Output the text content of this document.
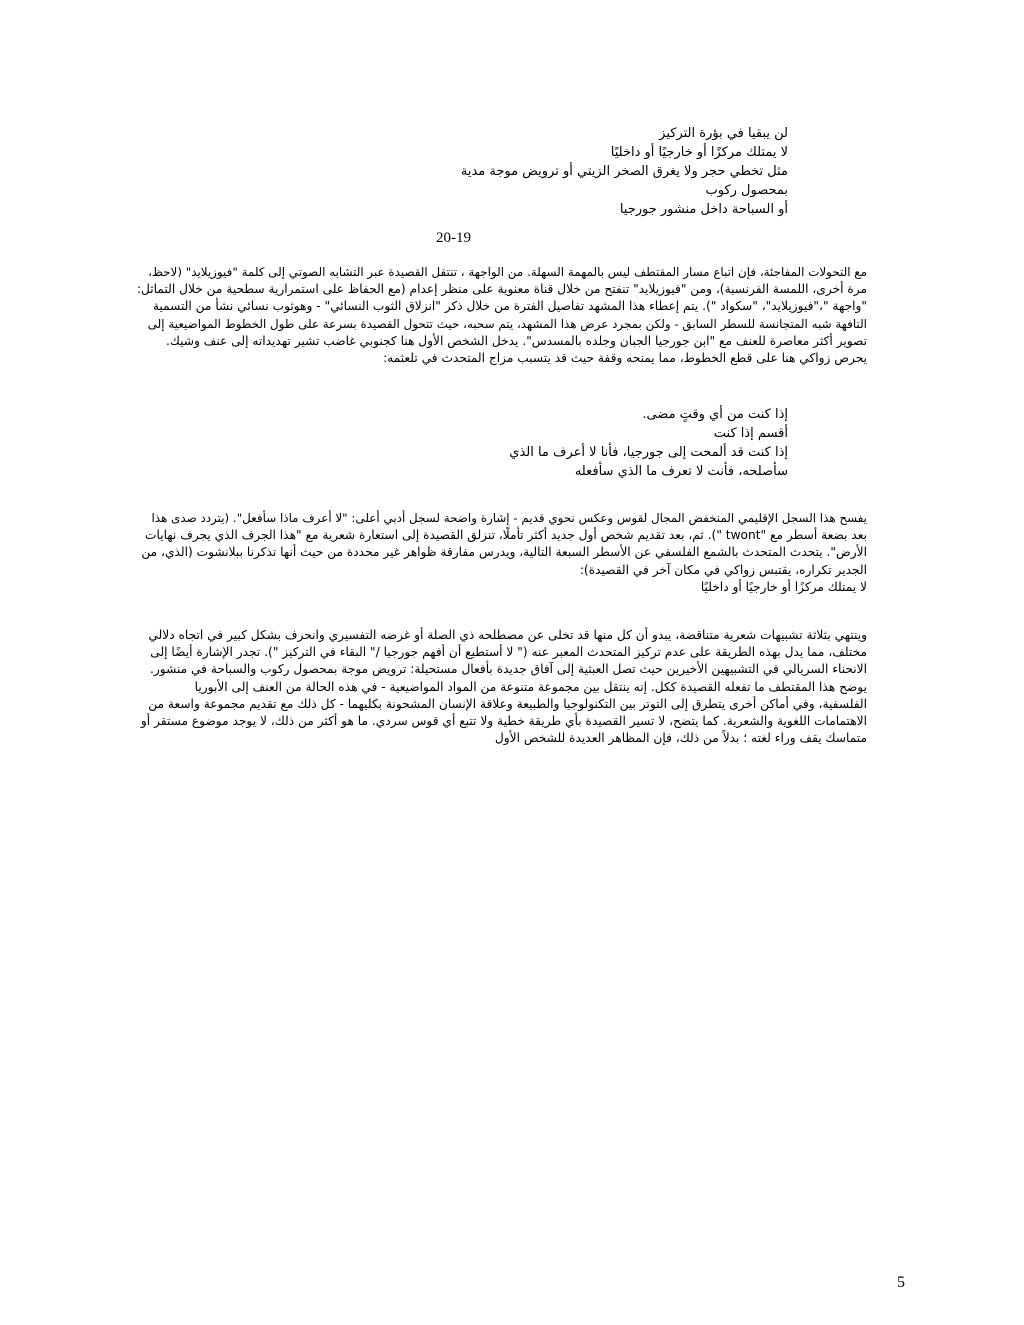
لن يبقيا في بؤرة التركيز
لا يمتلك مركزًا أو خارجيًا أو داخليًا
مثل تخطي حجر ولا يغرق الصخر الزيتي أو ترويض موجة مدية
بمحصول ركوب
أو السباحة داخل منشور جورجيا
20-19
مع التحولات المفاجئة، فإن اتباع مسار المقتطف ليس بالمهمة السهلة. من الواجهة ، تنتقل القصيدة عبر التشابه الصوتي إلى كلمة "فيوزيلايد" (لاحظ،
مرة أخرى، اللمسة الفرنسية)، ومن "فيوزيلايد" تنفتح من خلال قناة معنوية على منظر إعدام (مع الحفاظ على استمرارية سطحية من خلال التماثل:
"واجهة "،"فيوزيلايد"، "سكواد "). يتم إعطاء هذا المشهد تفاصيل الفترة من خلال ذكر "انزلاق الثوب النسائي" - وهوثوب نسائي نشأ من التسمية
التافهة شبه المتجانسة للسطر السابق - ولكن بمجرد عرض هذا المشهد، يتم سحبه، حيث تتحول القصيدة بسرعة على طول الخطوط المواضيعية إلى
تصوير أكثر معاصرة للعنف مع "ابن جورجيا الجبان وجلده بالمسدس". يدخل الشخص الأول هنا كجنوبي غاضب تشير تهديداته إلى عنف وشيك.
يحرص زواكي هنا على قطع الخطوط، مما يمنحه وقفة حيث قد يتسبب مزاج المتحدث في تلعثمه:
إذا كنت من أي وقتٍ مضى.
أقسم إذا كنت
إذا كنت قد ألمحت إلى جورجيا، فأنا لا أعرف ما الذي
سأصلحه، فأنت لا تعرف ما الذي سأفعله
يفسح هذا السجل الإقليمي المنخفض المجال لقوس وعكس نحوي قديم - إشارة واضحة لسجل أدبي أعلى: "لا أعرف ماذا سأفعل". (يتردد صدى هذا
بعد بضعة أسطر مع "twont "). ثم، بعد تقديم شخص أول جديد أكثر تأملًا، تنزلق القصيدة إلى استعارة شعرية مع "هذا الجرف الذي يجرف نهايات
الأرض". يتحدث المتحدث بالشمع الفلسفي عن الأسطر السبعة التالية، ويدرس مفارقة ظواهر غير محددة من حيث أنها تذكرنا ببلانشوت (الذي، من
الجدير تكراره، يقتبس زواكي في مكان آخر في القصيدة):
لا يمتلك مركزًا أو خارجيًا أو داخليًا
وينتهي بثلاثة تشبيهات شعرية متناقضة، يبدو أن كل منها قد تخلى عن مصطلحه ذي الصلة أو غرضه التفسيري وانحرف بشكل كبير في اتجاه دلالي
مختلف، مما يدل بهذه الطريقة على عدم تركيز المتحدث المعبر عنه (" لا أستطيع أن أفهم جورجيا /" البقاء في التركيز "). تجدر الإشارة أيضًا إلى
الانحناء السريالي في التشبيهين الأخيرين حيث تصل العبثية إلى آفاق جديدة بأفعال مستحيلة: ترويض موجة بمحصول ركوب والسباحة في منشور.
يوضح هذا المقتطف ما تفعله القصيدة ككل. إنه ينتقل بين مجموعة متنوعة من المواد المواضيعية - في هذه الحالة من العنف إلى الأبوريا
الفلسفية، وفي أماكن أخرى يتطرق إلى التوتر بين التكنولوجيا والطبيعة وعلاقة الإنسان المشحونة بكليهما - كل ذلك مع تقديم مجموعة واسعة من
الاهتمامات اللغوية والشعرية. كما يتضح، لا تسير القصيدة بأي طريقة خطية ولا تتبع أي قوس سردي. ما هو أكثر من ذلك، لا يوجد موضوع مستقر أو
متماسك يقف وراء لغته ؛ بدلاً من ذلك، فإن المظاهر العديدة للشخص الأول
5
